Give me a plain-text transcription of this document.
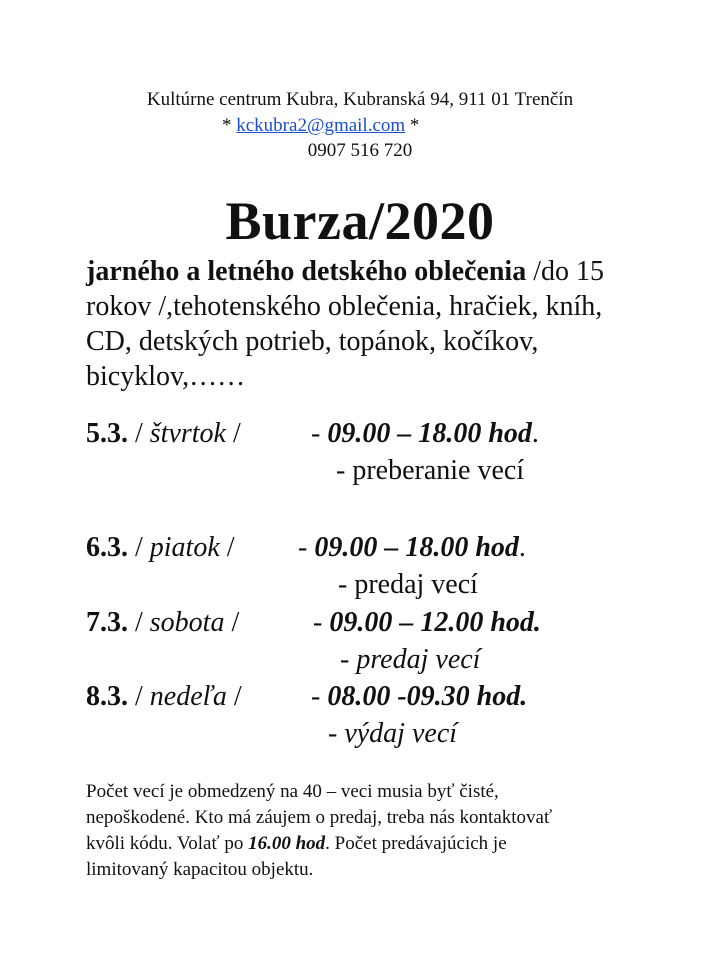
Kultúrne centrum Kubra, Kubranská 94, 911 01 Trenčín
* kckubra2@gmail.com *
0907 516 720
Burza/2020
jarného a letného detského oblečenia /do 15
rokov /,tehotenského oblečenia, hračiek, kníh,
CD, detských potrieb, topánok, kočíkov,
bicyklov,……
5.3. / štvrtok /	- 09.00 – 18.00 hod.
- preberanie vecí
6.3. / piatok / - 09.00 – 18.00 hod.
- predaj vecí
7.3. / sobota /	- 09.00 – 12.00 hod.
- predaj vecí
8.3. / nedeľa / - 08.00 -09.30 hod.
- výdaj vecí
Počet vecí je obmedzený na 40 – veci musia byť čisté,
nepoškodené. Kto má záujem o predaj, treba nás kontaktovať
kvôli kódu. Volať po 16.00 hod. Počet predávajúcich je
limitovaný kapacitou objektu.
